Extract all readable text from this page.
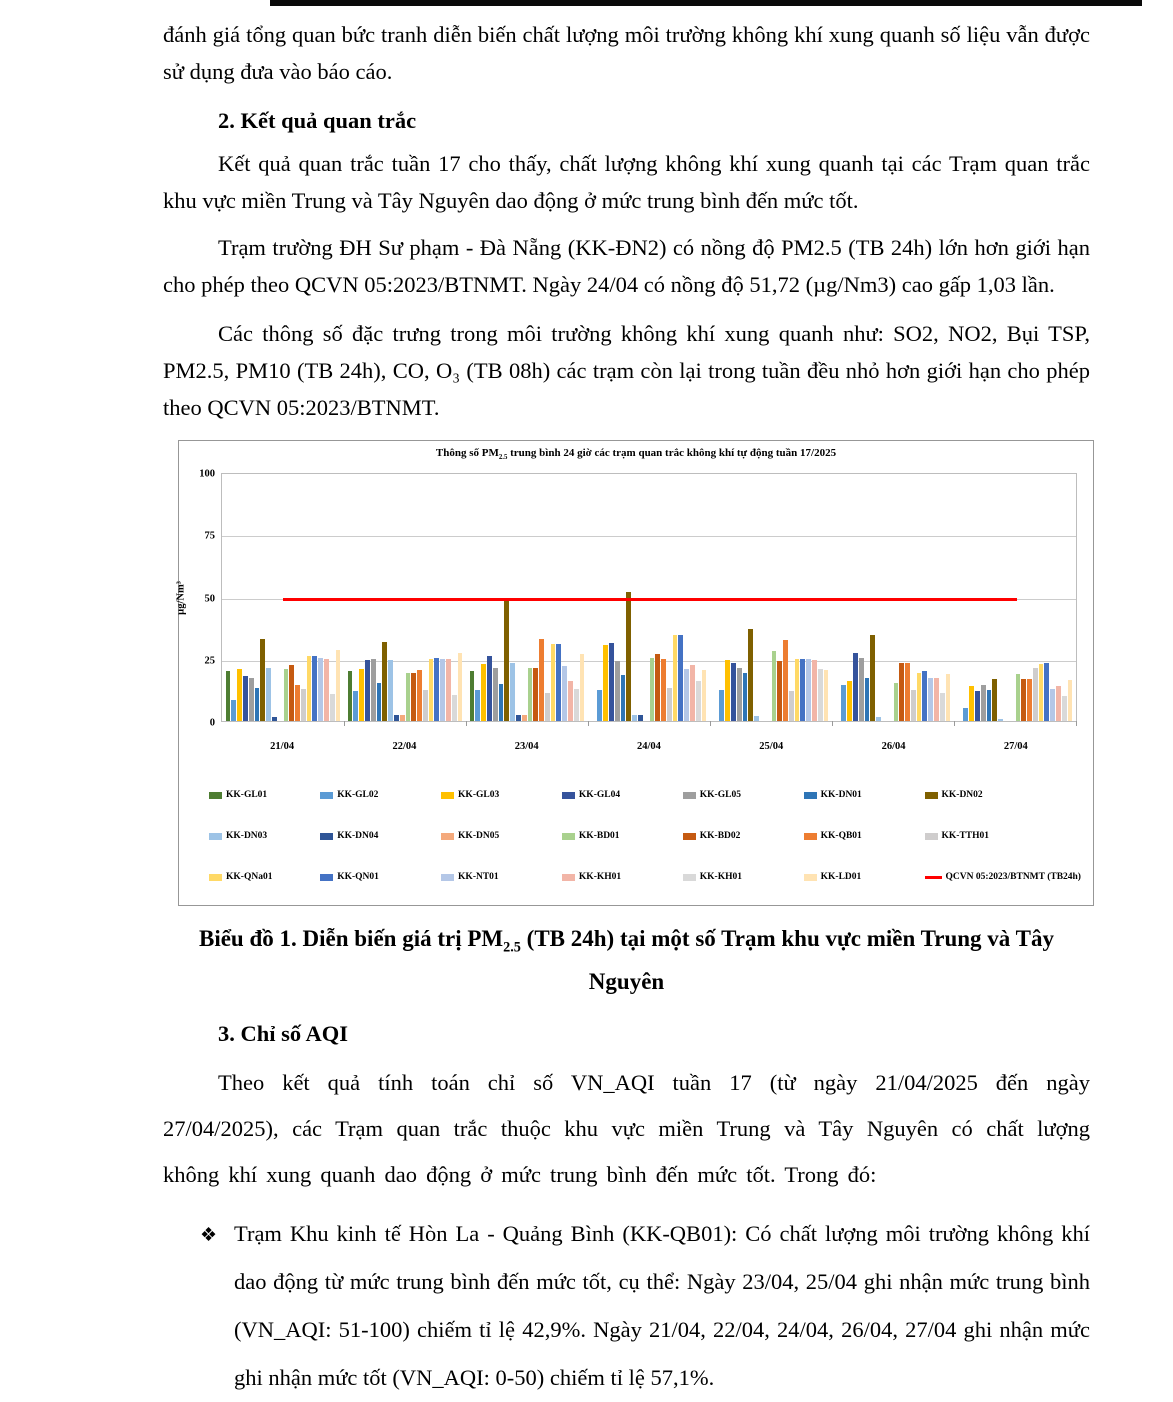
đánh giá tổng quan bức tranh diễn biến chất lượng môi trường không khí xung quanh số liệu vẫn được sử dụng đưa vào báo cáo.

2. Kết quả quan trắc

Kết quả quan trắc tuần 17 cho thấy, chất lượng không khí xung quanh tại các Trạm quan trắc khu vực miền Trung và Tây Nguyên dao động ở mức trung bình đến mức tốt.

Trạm trường ĐH Sư phạm - Đà Nẵng (KK-ĐN2) có nồng độ PM2.5 (TB 24h) lớn hơn giới hạn cho phép theo QCVN 05:2023/BTNMT. Ngày 24/04 có nồng độ 51,72 (µg/Nm3) cao gấp 1,03 lần.

Các thông số đặc trưng trong môi trường không khí xung quanh như: SO2, NO2, Bụi TSP, PM2.5, PM10 (TB 24h), CO, O₃ (TB 08h) các trạm còn lại trong tuần đều nhỏ hơn giới hạn cho phép theo QCVN 05:2023/BTNMT.

Thông số $PM_{2.5}$ trung bình 24 giờ các trạm quan trắc không khí tự động tuần 17/2025
µg/Nm³
0
25
50
75
100
21/04	22/04	23/04	24/04	25/04	26/04	27/04
KK-GL01	KK-GL02	KK-GL03	KK-GL04	KK-GL05	KK-DN01	KK-DN02
KK-DN03	KK-DN04	KK-DN05	KK-BD01	KK-BD02	KK-QB01	KK-TTH01
KK-QNa01	KK-QN01	KK-NT01	KK-KH01	KK-KH01	KK-LD01	QCVN 05:2023/BTNMT (TB24h)

Biểu đồ 1. Diễn biến giá trị $PM_{2.5}$ (TB 24h) tại một số Trạm khu vực miền Trung và Tây Nguyên

3. Chỉ số AQI

Theo kết quả tính toán chỉ số VN_AQI tuần 17 (từ ngày 21/04/2025 đến ngày 27/04/2025), các Trạm quan trắc thuộc khu vực miền Trung và Tây Nguyên có chất lượng không khí xung quanh dao động ở mức trung bình đến mức tốt. Trong đó:

❖ Trạm Khu kinh tế Hòn La - Quảng Bình (KK-QB01): Có chất lượng môi trường không khí dao động từ mức trung bình đến mức tốt, cụ thể: Ngày 23/04, 25/04 ghi nhận mức trung bình (VN_AQI: 51-100) chiếm tỉ lệ 42,9%. Ngày 21/04, 22/04, 24/04, 26/04, 27/04 ghi nhận mức ghi nhận mức tốt (VN_AQI: 0-50) chiếm tỉ lệ 57,1%.
